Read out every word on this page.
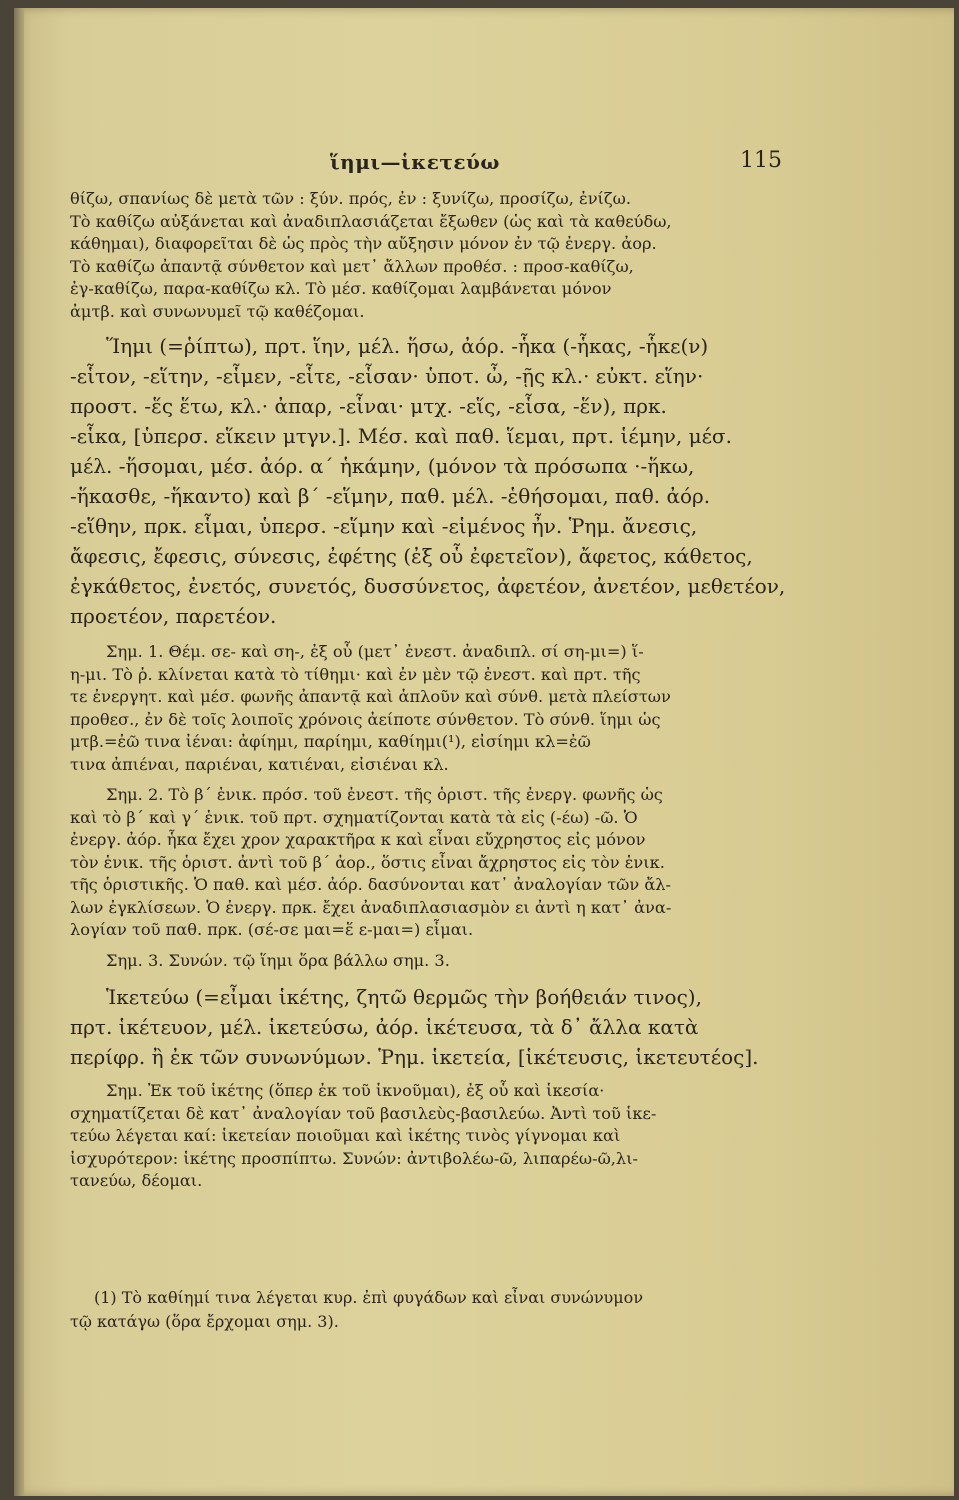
ἵημι—ἱκετεύω	115
θίζω, σπανίως δὲ μετὰ τῶν : ξύν. πρός, ἐν : ξυνίζω, προσίζω, ἐνίζω.
Τὸ καθίζω αὐξάνεται καὶ ἀναδιπλασιάζεται ἔξωθεν (ὡς καὶ τὰ καθεύδω,
κάθημαι), διαφορεῖται δὲ ὡς πρὸς τὴν αὔξησιν μόνον ἐν τῷ ἐνεργ. ἀορ.
Τὸ καθίζω ἀπαντᾷ σύνθετον καὶ μετ᾽ ἄλλων προθέσ. : προσ-καθίζω,
ἐγ-καθίζω, παρα-καθίζω κλ. Τὸ μέσ. καθίζομαι λαμβάνεται μόνον
ἀμτβ. καὶ συνωνυμεῖ τῷ καθέζομαι.
Ἵημι (=ῥίπτω), πρτ. ἵην, μέλ. ἥσω, ἀόρ. -ἧκα (-ἧκας, -ἧκε(ν)
-εἷτον, -εἵτην, -εἷμεν, -εἷτε, -εἷσαν· ὑποτ. ὦ, -ῇς κλ.· εὐκτ. εἵην·
προστ. -ἕς ἕτω, κλ.· ἀπαρ, -εἷναι· μτχ. -εἵς, -εἷσα, -ἕν), πρκ.
-εἷκα, [ὑπερσ. εἵκειν μτγν.]. Μέσ. καὶ παθ. ἵεμαι, πρτ. ἱέμην, μέσ.
μέλ. -ἥσομαι, μέσ. ἀόρ. α΄ ἡκάμην, (μόνον τὰ πρόσωπα ·-ἥκω,
-ἥκασθε, -ἥκαντο) καὶ β΄ -εἵμην, παθ. μέλ. -ἑθήσομαι, παθ. ἀόρ.
-εἵθην, πρκ. εἷμαι, ὑπερσ. -εἵμην καὶ -εἱμένος ἦν. Ῥημ. ἄνεσις,
ἄφεσις, ἔφεσις, σύνεσις, ἐφέτης (ἐξ οὗ ἐφετεῖον), ἄφετος, κάθετος,
ἐγκάθετος, ἐνετός, συνετός, δυσσύνετος, ἀφετέον, ἀνετέον, μεθετέον,
προετέον, παρετέον.
Σημ. 1. Θέμ. σε- καὶ ση-, ἐξ οὗ (μετ᾽ ἐνεστ. ἀναδιπλ. σί ση-μι=) ἵ-
η-μι. Τὸ ῥ. κλίνεται κατὰ τὸ τίθημι· καὶ ἐν μὲν τῷ ἐνεστ. καὶ πρτ. τῆς
τε ἐνεργητ. καὶ μέσ. φωνῆς ἀπαντᾷ καὶ ἁπλοῦν καὶ σύνθ. μετὰ πλείστων
προθεσ., ἐν δὲ τοῖς λοιποῖς χρόνοις ἀείποτε σύνθετον. Τὸ σύνθ. ἵημι ὡς
μτβ.=ἐῶ τινα ἰέναι: ἀφίημι, παρίημι, καθίημι(¹), εἰσίημι κλ=ἐῶ
τινα ἀπιέναι, παριέναι, κατιέναι, εἰσιέναι κλ.
Σημ. 2. Τὸ β΄ ἑνικ. πρόσ. τοῦ ἐνεστ. τῆς ὁριστ. τῆς ἐνεργ. φωνῆς ὡς
καὶ τὸ β΄ καὶ γ΄ ἑνικ. τοῦ πρτ. σχηματίζονται κατὰ τὰ εἰς (-έω) -ῶ. Ὁ
ἐνεργ. ἀόρ. ἧκα ἔχει χρον χαρακτῆρα κ καὶ εἶναι εὔχρηστος εἰς μόνον
τὸν ἑνικ. τῆς ὁριστ. ἀντὶ τοῦ β΄ ἀορ., ὅστις εἶναι ἄχρηστος εἰς τὸν ἑνικ.
τῆς ὁριστικῆς. Ὁ παθ. καὶ μέσ. ἀόρ. δασύνονται κατ᾽ ἀναλογίαν τῶν ἄλ-
λων ἐγκλίσεων. Ὁ ἐνεργ. πρκ. ἔχει ἀναδιπλασιασμὸν ει ἀντὶ η κατ᾽ ἀνα-
λογίαν τοῦ παθ. πρκ. (σέ-σε μαι=ἕ ε-μαι=) εἷμαι.
Σημ. 3. Συνών. τῷ ἵημι ὅρα βάλλω σημ. 3.
Ἱκετεύω (=εἶμαι ἱκέτης, ζητῶ θερμῶς τὴν βοήθειάν τινος),
πρτ. ἱκέτευον, μέλ. ἱκετεύσω, ἀόρ. ἱκέτευσα, τὰ δ᾽ ἄλλα κατὰ
περίφρ. ἢ ἐκ τῶν συνωνύμων. Ῥημ. ἱκετεία, [ἱκέτευσις, ἱκετευτέος].
Σημ. Ἐκ τοῦ ἱκέτης (ὅπερ ἐκ τοῦ ἱκνοῦμαι), ἐξ οὗ καὶ ἱκεσία·
σχηματίζεται δὲ κατ᾽ ἀναλογίαν τοῦ βασιλεὺς-βασιλεύω. Ἀντὶ τοῦ ἱκε-
τεύω λέγεται καί: ἱκετείαν ποιοῦμαι καὶ ἱκέτης τινὸς γίγνομαι καὶ
ἰσχυρότερον: ἱκέτης προσπίπτω. Συνών: ἀντιβολέω-ῶ, λιπαρέω-ῶ,λι-
τανεύω, δέομαι.
(1) Τὸ καθίημί τινα λέγεται κυρ. ἐπὶ φυγάδων καὶ εἶναι συνώνυμον
τῷ κατάγω (ὅρα ἔρχομαι σημ. 3).
